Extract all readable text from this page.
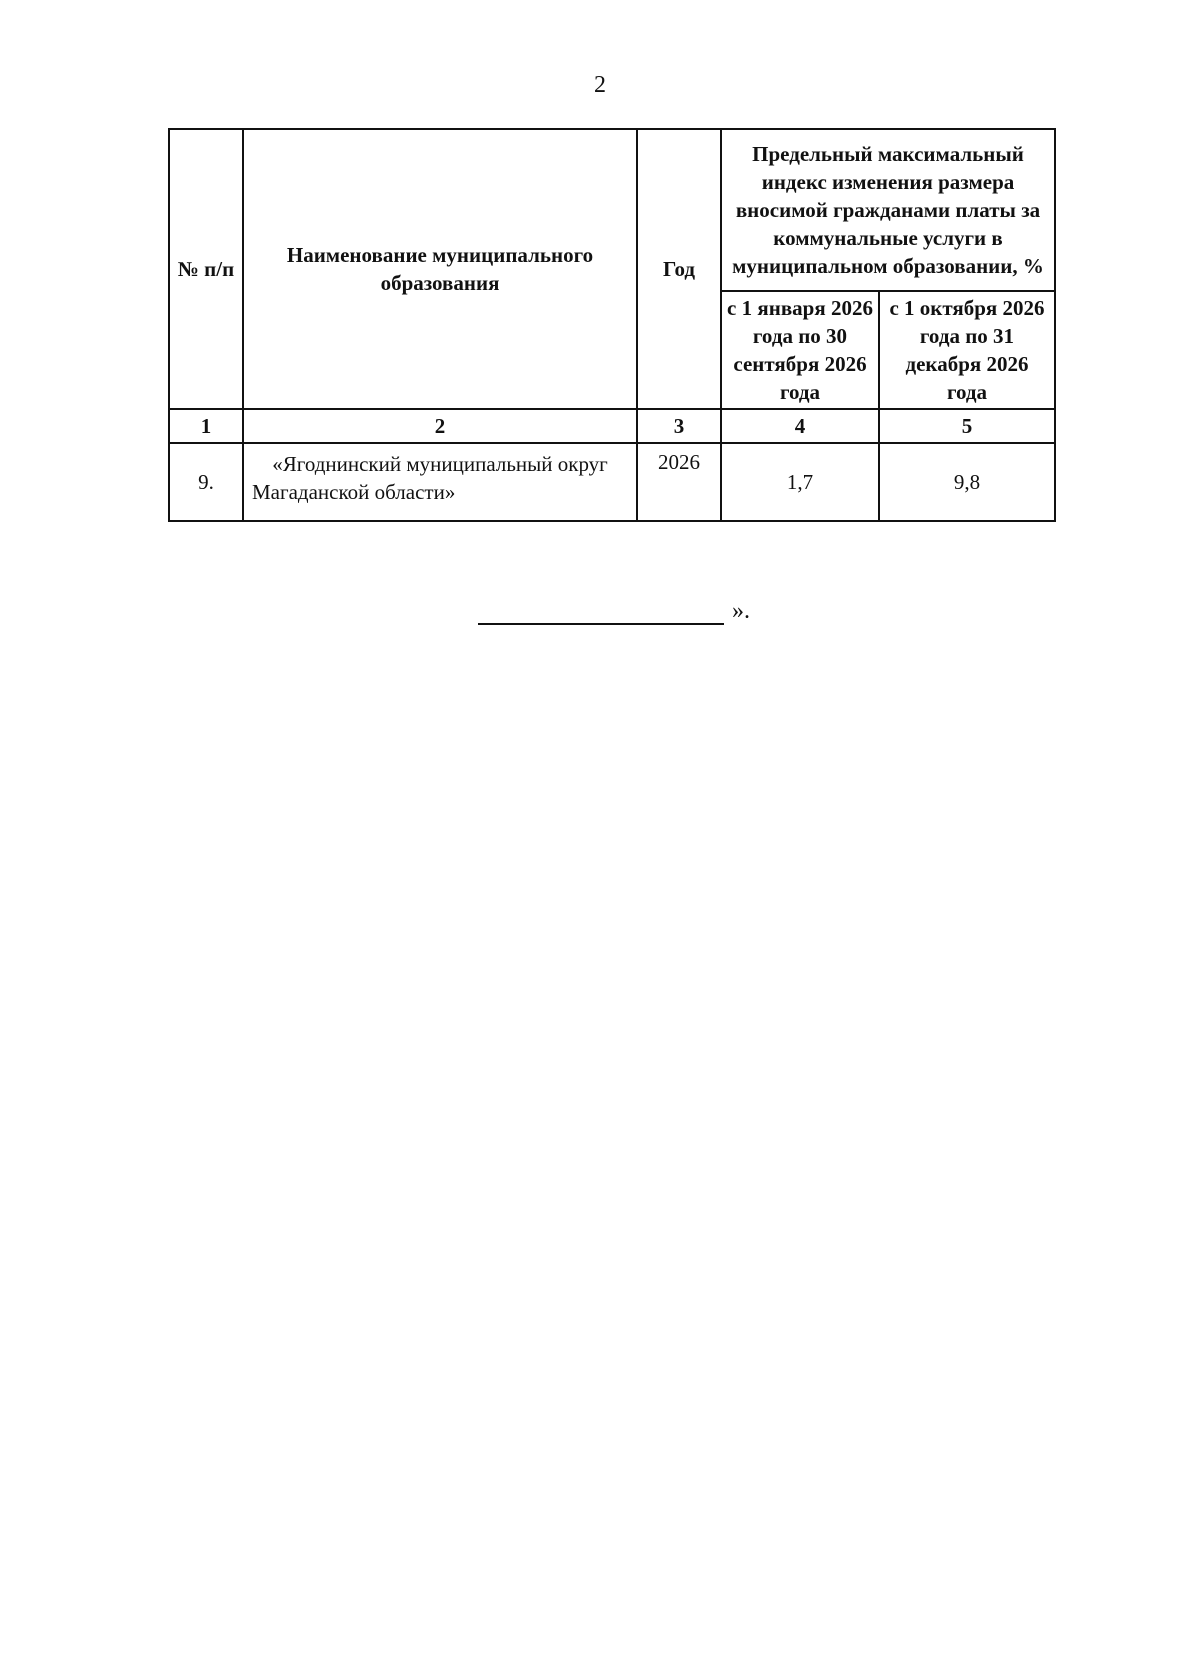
2
№ п/п	Наименование муниципального образования	Год	Предельный максимальный индекс изменения размера вносимой гражданами платы за коммунальные услуги в муниципальном образовании, %	
			с 1 января 2026 года по 30 сентября 2026 года	с 1 октября 2026 года по 31 декабря 2026 года
1	2	3	4	5
9.	«Ягоднинский муниципальный округ Магаданской области»	2026	1,7	9,8
».
